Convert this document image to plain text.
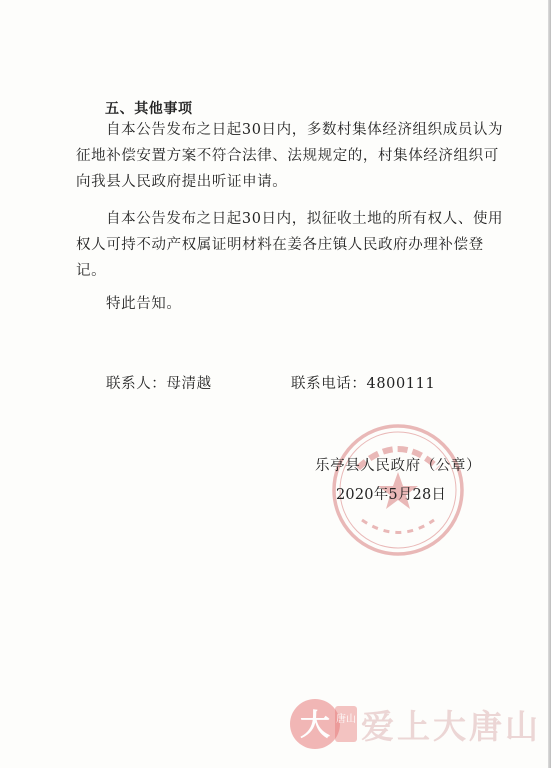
五、其他事项
自本公告发布之日起30日内，多数村集体经济组织成员认为
征地补偿安置方案不符合法律、法规规定的，村集体经济组织可
向我县人民政府提出听证申请。
自本公告发布之日起30日内，拟征收土地的所有权人、使用
权人可持不动产权属证明材料在姜各庄镇人民政府办理补偿登
记。
特此告知。
联系人：母清越	联系电话：4800111
乐亭县人民政府（公章）
2020年5月28日
大 唐山 爱上大唐山
